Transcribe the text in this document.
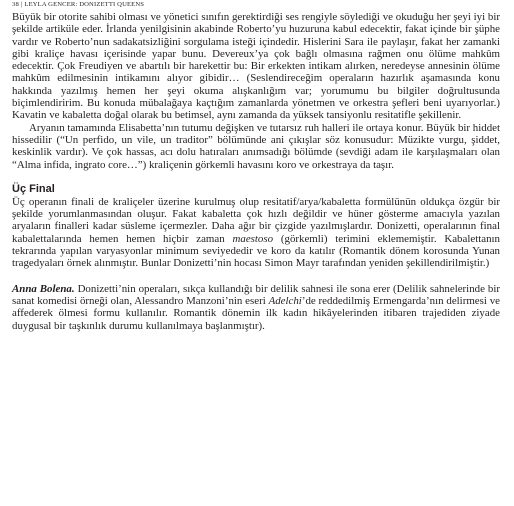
38 | LEYLA GENCER: DONIZETTI QUEENS

Büyük bir otorite sahibi olması ve yönetici sınıfın gerektirdiği ses rengiyle söylediği ve okuduğu her şeyi iyi bir şekilde artiküle eder. İrlanda yenilgisinin akabinde Roberto’yu huzuruna kabul edecektir, fakat içinde bir şüphe vardır ve Roberto’nun sadakatsizliğini sorgulama isteği içindedir. Hislerini Sara ile paylaşır, fakat her zamanki gibi kraliçe havası içerisinde yapar bunu. Devereux’ya çok bağlı olmasına rağmen onu ölüme mahkûm edecektir. Çok Freudiyen ve abartılı bir harekettir bu: Bir erkekten intikam alırken, neredeyse annesinin ölüme mahkûm edilmesinin intikamını alıyor gibidir… (Seslendireceğim operaların hazırlık aşamasında konu hakkında yazılmış hemen her şeyi okuma alışkanlığım var; yorumumu bu bilgiler doğrultusunda biçimlendiririm. Bu konuda mübalağaya kaçtığım zamanlarda yönetmen ve orkestra şefleri beni uyarıyorlar.) Kavatin ve kabaletta doğal olarak bu betimsel, aynı zamanda da yüksek tansiyonlu resitatifle şekillenir.

Aryanın tamamında Elisabetta’nın tutumu değişken ve tutarsız ruh halleri ile ortaya konur. Büyük bir hiddet hissedilir (“Un perfido, un vile, un traditor” bölümünde ani çıkışlar söz konusudur: Müzikte vurgu, şiddet, keskinlik vardır). Ve çok hassas, acı dolu hatıraları anımsadığı bölümde (sevdiği adam ile karşılaşmaları olan “Alma infida, ingrato core…”) kraliçenin görkemli havasını koro ve orkestraya da taşır.

Üç Final

Üç operanın finali de kraliçeler üzerine kurulmuş olup resitatif/arya/kabaletta formülünün oldukça özgür bir şekilde yorumlanmasından oluşur. Fakat kabaletta çok hızlı değildir ve hüner gösterme amacıyla yazılan aryaların finalleri kadar süsleme içermezler. Daha ağır bir çizgide yazılmışlardır. Donizetti, operalarının final kabalettalarında hemen hemen hiçbir zaman maestoso (görkemli) terimini eklememiştir. Kabalettanın tekrarında yapılan varyasyonlar minimum seviyededir ve koro da katılır (Romantik dönem korosunda Yunan tragedyaları örnek alınmıştır. Bunlar Donizetti’nin hocası Simon Mayr tarafından yeniden şekillendirilmiştir.)

Anna Bolena. Donizetti’nin operaları, sıkça kullandığı bir delilik sahnesi ile sona erer (Delilik sahnelerinde bir sanat komedisi örneği olan, Alessandro Manzoni’nin eseri Adelchi’de reddedilmiş Ermengarda’nın delirmesi ve affederek ölmesi formu kullanılır. Romantik dönemin ilk kadın hikâyelerinden itibaren trajediden ziyade duygusal bir taşkınlık durumu kullanılmaya başlanmıştır).
